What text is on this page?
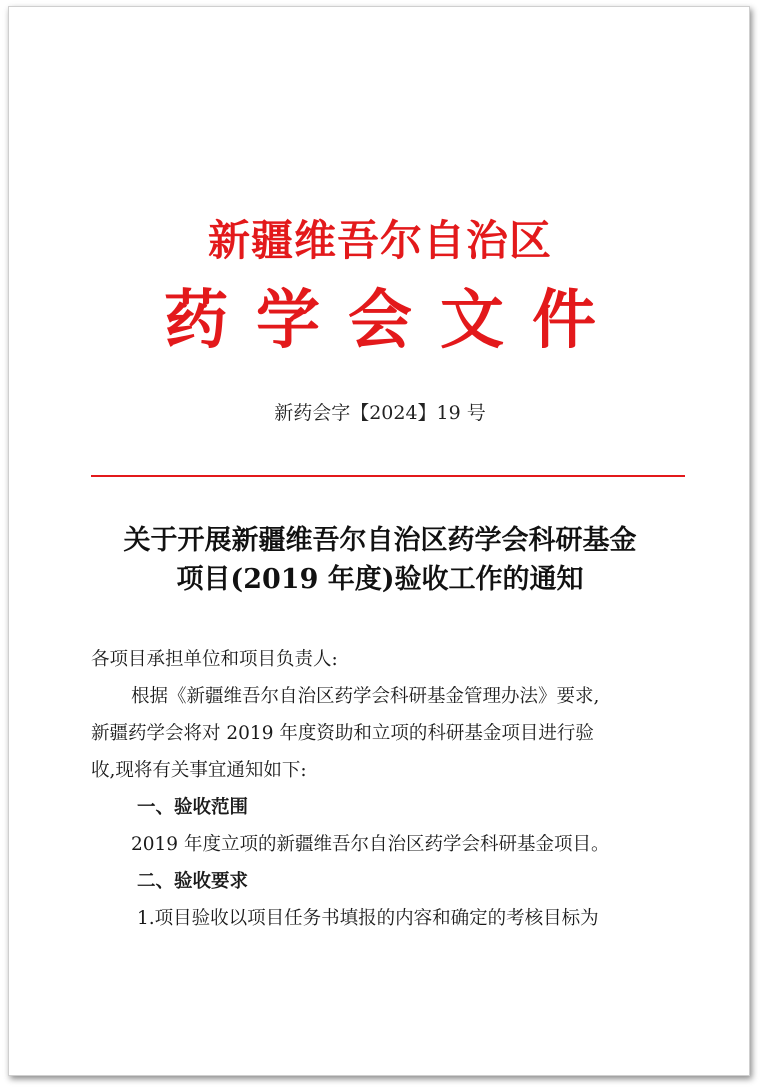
新疆维吾尔自治区
药学会文件
新药会字【2024】19 号
关于开展新疆维吾尔自治区药学会科研基金
项目(2019 年度)验收工作的通知

各项目承担单位和项目负责人:

根据《新疆维吾尔自治区药学会科研基金管理办法》要求,

新疆药学会将对 2019 年度资助和立项的科研基金项目进行验

收,现将有关事宜通知如下:

一、验收范围

2019 年度立项的新疆维吾尔自治区药学会科研基金项目。

二、验收要求

1.项目验收以项目任务书填报的内容和确定的考核目标为
